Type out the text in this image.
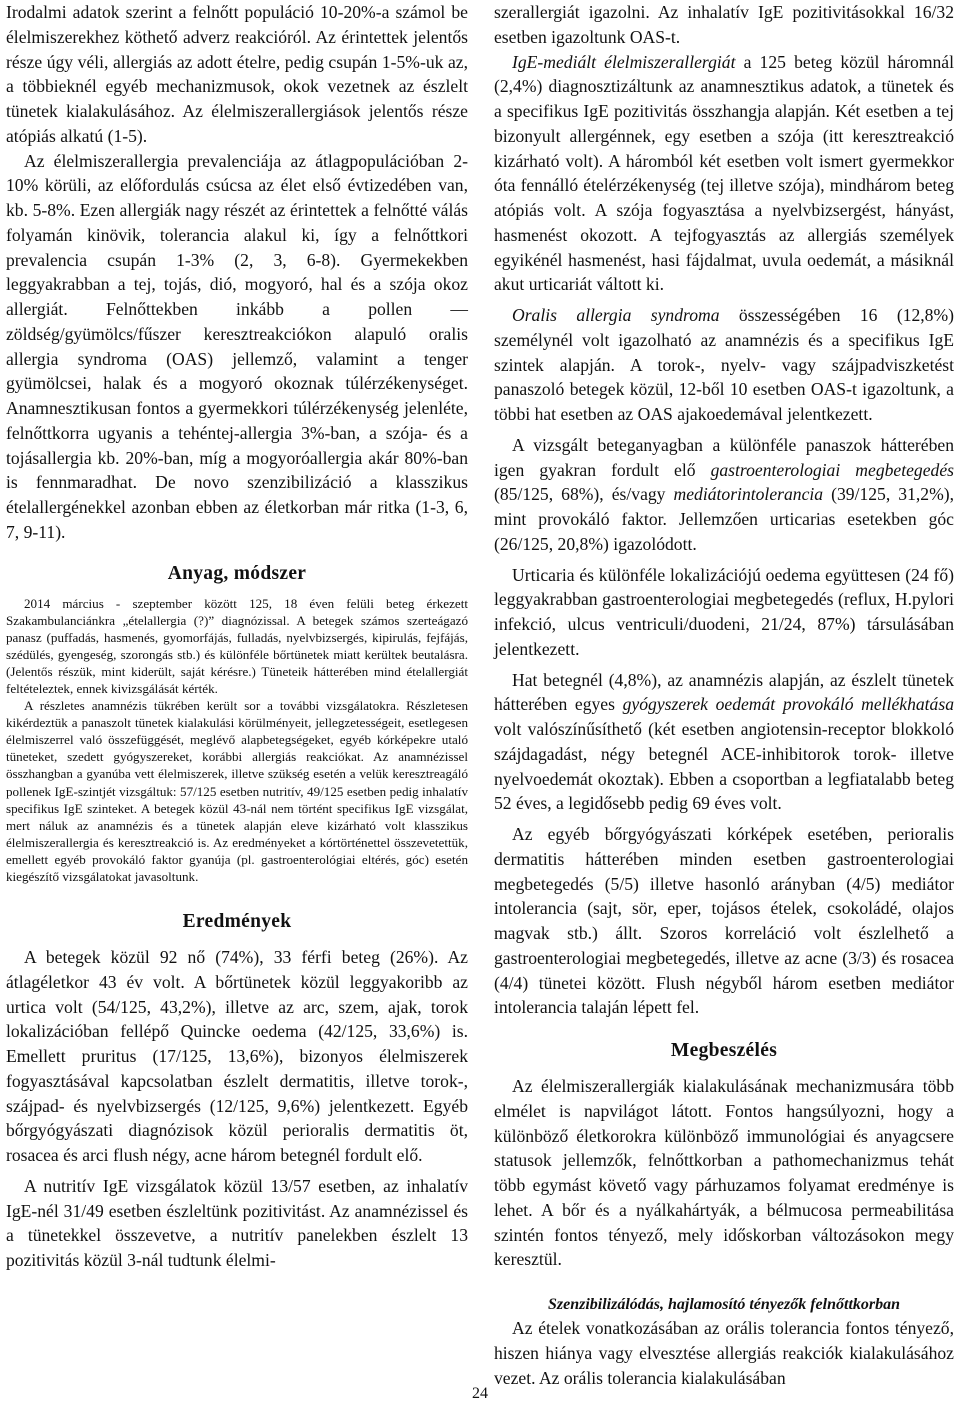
Irodalmi adatok szerint a felnőtt populáció 10-20%-a számol be élelmiszerekhez köthető adverz reakcióról. Az érintettek jelentős része úgy véli, allergiás az adott ételre, pedig csupán 1-5%-uk az, a többieknél egyéb mechanizmusok, okok vezetnek az észlelt tünetek kialakulásához. Az élelmiszerallergiások jelentős része atópiás alkatú (1-5).

Az élelmiszerallergia prevalenciája az átlagpopulációban 2-10% körüli, az előfordulás csúcsa az élet első évtizedében van, kb. 5-8%. Ezen allergiák nagy részét az érintettek a felnőtté válás folyamán kinövik, tolerancia alakul ki, így a felnőttkori prevalencia csupán 1-3% (2, 3, 6-8). Gyermekekben leggyakrabban a tej, tojás, dió, mogyoró, hal és a szója okoz allergiát. Felnőttekben inkább a pollen — zöldség/gyümölcs/fűszer keresztreakciókon alapuló oralis allergia syndroma (OAS) jellemző, valamint a tenger gyümölcsei, halak és a mogyoró okoznak túlérzékenységet. Anamnesztikusan fontos a gyermekkori túlérzékenység jelenléte, felnőttkorra ugyanis a tehéntej-allergia 3%-ban, a szója- és a tojásallergia kb. 20%-ban, míg a mogyoróallergia akár 80%-ban is fennmaradhat. De novo szenzibilizáció a klasszikus ételallergénekkel azonban ebben az életkorban már ritka (1-3, 6, 7, 9-11).

Anyag, módszer

2014 március - szeptember között 125, 18 éven felüli beteg érkezett Szakambulanciánkra „ételallergia (?)” diagnózissal. A betegek számos szerteágazó panasz (puffadás, hasmenés, gyomorfájás, fulladás, nyelvbizsergés, kipirulás, fejfájás, szédülés, gyengeség, szorongás stb.) és különféle bőrtünetek miatt kerültek beutalásra. (Jelentős részük, mint kiderült, saját kérésre.) Tüneteik hátterében mind ételallergiát feltételeztek, ennek kivizsgálását kérték.

A részletes anamnézis tükrében került sor a további vizsgálatokra. Részletesen kikérdeztük a panaszolt tünetek kialakulási körülményeit, jellegzetességeit, esetlegesen élelmiszerrel való összefüggését, meglévő alapbetegségeket, egyéb kórképekre utaló tüneteket, szedett gyógyszereket, korábbi allergiás reakciókat. Az anamnézissel összhangban a gyanúba vett élelmiszerek, illetve szükség esetén a velük keresztreagáló pollenek IgE-szintjét vizsgáltuk: 57/125 esetben nutritív, 49/125 esetben pedig inhalatív specifikus IgE szinteket. A betegek közül 43-nál nem történt specifikus IgE vizsgálat, mert náluk az anamnézis és a tünetek alapján eleve kizárható volt klasszikus élelmiszerallergia és keresztreakció is. Az eredményeket a kórtörténettel összevetettük, emellett egyéb provokáló faktor gyanúja (pl. gastroenterológiai eltérés, góc) esetén kiegészítő vizsgálatokat javasoltunk.

Eredmények

A betegek közül 92 nő (74%), 33 férfi beteg (26%). Az átlagéletkor 43 év volt. A bőrtünetek közül leggyakoribb az urtica volt (54/125, 43,2%), illetve az arc, szem, ajak, torok lokalizációban fellépő Quincke oedema (42/125, 33,6%) is. Emellett pruritus (17/125, 13,6%), bizonyos élelmiszerek fogyasztásával kapcsolatban észlelt dermatitis, illetve torok-, szájpad- és nyelvbizsergés (12/125, 9,6%) jelentkezett. Egyéb bőrgyógyászati diagnózisok közül perioralis dermatitis öt, rosacea és arci flush négy, acne három betegnél fordult elő.

A nutritív IgE vizsgálatok közül 13/57 esetben, az inhalatív IgE-nél 31/49 esetben észleltünk pozitivitást. Az anamnézissel és a tünetekkel összevetve, a nutritív panelekben észlelt 13 pozitivitás közül 3-nál tudtunk élelmi-

szerallergiát igazolni. Az inhalatív IgE pozitivitásokkal 16/32 esetben igazoltunk OAS-t.

IgE-mediált élelmiszerallergiát a 125 beteg közül háromnál (2,4%) diagnosztizáltunk az anamnesztikus adatok, a tünetek és a specifikus IgE pozitivitás összhangja alapján. Két esetben a tej bizonyult allergénnek, egy esetben a szója (itt keresztreakció kizárható volt). A háromból két esetben volt ismert gyermekkor óta fennálló ételérzékenység (tej illetve szója), mindhárom beteg atópiás volt. A szója fogyasztása a nyelvbizsergést, hányást, hasmenést okozott. A tejfogyasztás az allergiás személyek egyikénél hasmenést, hasi fájdalmat, uvula oedemát, a másiknál akut urticariát váltott ki.

Oralis allergia syndroma összességében 16 (12,8%) személynél volt igazolható az anamnézis és a specifikus IgE szintek alapján. A torok-, nyelv- vagy szájpadviszketést panaszoló betegek közül, 12-ből 10 esetben OAS-t igazoltunk, a többi hat esetben az OAS ajakoedemával jelentkezett.

A vizsgált beteganyagban a különféle panaszok hátterében igen gyakran fordult elő gastroenterologiai megbetegedés (85/125, 68%), és/vagy mediátorintolerancia (39/125, 31,2%), mint provokáló faktor. Jellemzően urticarias esetekben góc (26/125, 20,8%) igazolódott.

Urticaria és különféle lokalizációjú oedema együttesen (24 fő) leggyakrabban gastroenterologiai megbetegedés (reflux, H.pylori infekció, ulcus ventriculi/duodeni, 21/24, 87%) társulásában jelentkezett.

Hat betegnél (4,8%), az anamnézis alapján, az észlelt tünetek hátterében egyes gyógyszerek oedemát provokáló mellékhatása volt valószínűsíthető (két esetben angiotensin-receptor blokkoló szájdagadást, négy betegnél ACE-inhibitorok torok- illetve nyelvoedemát okoztak). Ebben a csoportban a legfiatalabb beteg 52 éves, a legidősebb pedig 69 éves volt.

Az egyéb bőrgyógyászati kórképek esetében, perioralis dermatitis hátterében minden esetben gastroenterologiai megbetegedés (5/5) illetve hasonló arányban (4/5) mediátor intolerancia (sajt, sör, eper, tojásos ételek, csokoládé, olajos magvak stb.) állt. Szoros korreláció volt észlelhető a gastroenterologiai megbetegedés, illetve az acne (3/3) és rosacea (4/4) tünetei között. Flush négyből három esetben mediátor intolerancia talaján lépett fel.

Megbeszélés

Az élelmiszerallergiák kialakulásának mechanizmusára több elmélet is napvilágot látott. Fontos hangsúlyozni, hogy a különböző életkorokra különböző immunológiai és anyagcsere statusok jellemzők, felnőttkorban a pathomechanizmus tehát több egymást követő vagy párhuzamos folyamat eredménye is lehet. A bőr és a nyálkahártyák, a bélmucosa permeabilitása szintén fontos tényező, mely időskorban változásokon megy keresztül.

Szenzibilizálódás, hajlamosító tényezők felnőttkorban

Az ételek vonatkozásában az orális tolerancia fontos tényező, hiszen hiánya vagy elvesztése allergiás reakciók kialakulásához vezet. Az orális tolerancia kialakulásában

24
